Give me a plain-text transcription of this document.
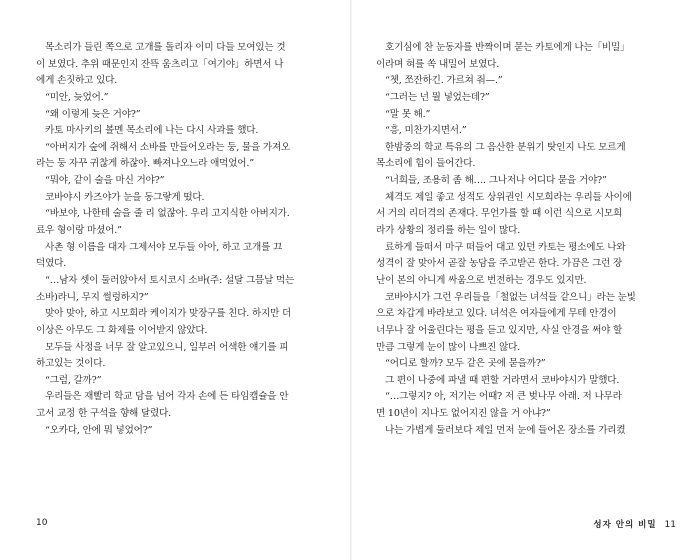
목소리가 들린 쪽으로 고개를 돌리자 이미 다들 모여있는 것
이 보였다. 추위 때문인지 잔뜩 움츠리고「여기야」하면서 나
에게 손짓하고 있다.
“미안, 늦었어.”
“왜 이렇게 늦은 거야?”
카토 마사키의 볼멘 목소리에 나는 다시 사과를 했다.
“아버지가 숲에 쥐해서 소바를 만들어오라는 둥, 물을 가져오
라는 둥 자꾸 귀찮게 하잖아. 빠져나오느라 애먹었어.”
“뭐야, 같이 술을 마신 거야?”
코바야시 카즈야가 눈을 동그랗게 떴다.
“바보야, 나한테 술을 줄 리 없잖아. 우리 고지식한 아버지가.
료우 형이랑 마셨어.”
사촌 형 이름을 대자 그제서야 모두들 아아, 하고 고개를 끄
덕였다.
“…남자 셋이 둘러앉아서 토시코시 소바(주: 설달 그믐날 먹는
소바)라니, 무지 썰렁하지?”
맞아 맞아, 하고 시모희라 케이지가 맞장구를 친다. 하지만 더
이상은 아무도 그 화제를 이어받지 않았다.
모두들 사정을 너무 잘 알고있으니, 일부러 어색한 얘기를 피
하고있는 것이다.
“그럼, 갈까?”
우리들은 재빨리 학교 담을 넘어 각자 손에 든 타임캡슐을 안
고서 교정 한 구석을 향해 달렸다.
“오카다, 안에 뭐 넣었어?”
10
호기심에 찬 눈동자를 반짝이며 묻는 카토에게 나는「비밀」
이라며 혀를 쏙 내밀어 보였다.
“쳇, 쪼잔하긴. 가르쳐 줘—.”
“그러는 넌 뭘 넣었는데?”
“말 못 해.”
“흥, 미찬가지면서.”
한밤중의 학교 특유의 그 음산한 분위기 탓인지 나도 모르게
목소리에 힘이 들어간다.
“너희들, 조용히 좀 해…. 그나저나 어디다 묻을 거야?”
체격도 제일 좋고 성적도 상위권인 시모희라는 우리들 사이에
서 거의 리더격의 존재다. 무언가를 할 때 이런 식으로 시모희
라가 상황의 정리를 하는 일이 많다.
료하게 들떠서 마구 떠들어 대고 있던 카토는 평소에도 나와
성격이 잘 맞아서 곧잘 농담을 주고받곤 한다. 가끔은 그런 장
난이 본의 아니게 싸움으로 번전하는 경우도 있지만.
코바야시가 그런 우리들을「철없는 녀석들 같으니」라는 눈빛
으로 차갑게 바라보고 있다. 녀석은 여자들에게 무테 안경이
너무나 잘 어울린다는 평을 듣고 있지만, 사실 안경을 써야 할
만큼 그렇게 눈이 많이 나쁘진 않다.
“어디로 할까? 모두 같은 곳에 묻을까?”
그 편이 나중에 파낼 때 편할 거라면서 코바야시가 말했다.
“…그렇지? 아, 저기는 어때? 저 큰 벚나무 아래. 저 나무라
면 10년이 지나도 없어지진 않을 거 아냐?”
나는 가볍게 둘러보다 제일 먼저 눈에 들어온 장소를 가리켰
성자 안의 비밀 11
